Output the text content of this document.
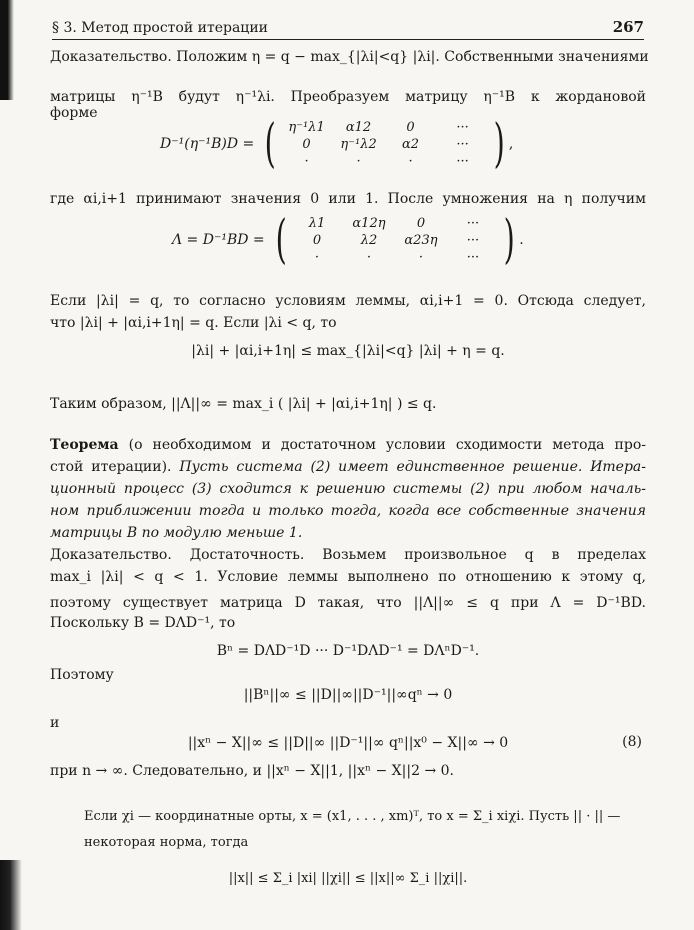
§ 3. Метод простой итерации	267
Доказательство. Положим η = q − max_{|λi|<q} |λi|. Собственными значениями
матрицы η⁻¹B будут η⁻¹λi. Преобразуем матрицу η⁻¹B к жордановой
форме
D⁻¹(η⁻¹B)D = ( η⁻¹λ1	α12	0	···
0	η⁻¹λ2	α2	···
·	·	·	··· ) ,
где αi,i+1 принимают значения 0 или 1. После умножения на η получим
Λ = D⁻¹BD = (	λ1	α12η	0	···
0	λ2	α23η	···
·	·	·	··· ) .
Если |λi| = q, то согласно условиям леммы, αi,i+1 = 0. Отсюда следует,
что |λi| + |αi,i+1η| = q. Если |λi < q, то
|λi| + |αi,i+1η| ≤ max_{|λi|<q} |λi| + η = q.
Таким образом, ||Λ||∞ = max_i ( |λi| + |αi,i+1η| ) ≤ q.
Теорема (о необходимом и достаточном условии сходимости метода про-
стой итерации). Пусть система (2) имеет единственное решение. Итера-
ционный процесс (3) сходится к решению системы (2) при любом началь-
ном приближении тогда и только тогда, когда все собственные значения
матрицы B по модулю меньше 1.
Доказательство. Достаточность. Возьмем произвольное q в пределах
max_i |λi| < q < 1. Условие леммы выполнено по отношению к этому q,
поэтому существует матрица D такая, что ||Λ||∞ ≤ q при Λ = D⁻¹BD.
Поскольку B = DΛD⁻¹, то
Bⁿ = DΛD⁻¹D ··· D⁻¹DΛD⁻¹ = DΛⁿD⁻¹.
Поэтому
||Bⁿ||∞ ≤ ||D||∞||D⁻¹||∞qⁿ → 0
и
||xⁿ − X||∞ ≤ ||D||∞ ||D⁻¹||∞ qⁿ||x⁰ − X||∞ → 0	(8)
при n → ∞. Следовательно, и ||xⁿ − X||1, ||xⁿ − X||2 → 0.
Если χi — координатные орты, x = (x1, . . . , xm)ᵀ, то x = Σ_i xiχi. Пусть || · || —
некоторая норма, тогда
||x|| ≤ Σ_i |xi| ||χi|| ≤ ||x||∞ Σ_i ||χi||.
